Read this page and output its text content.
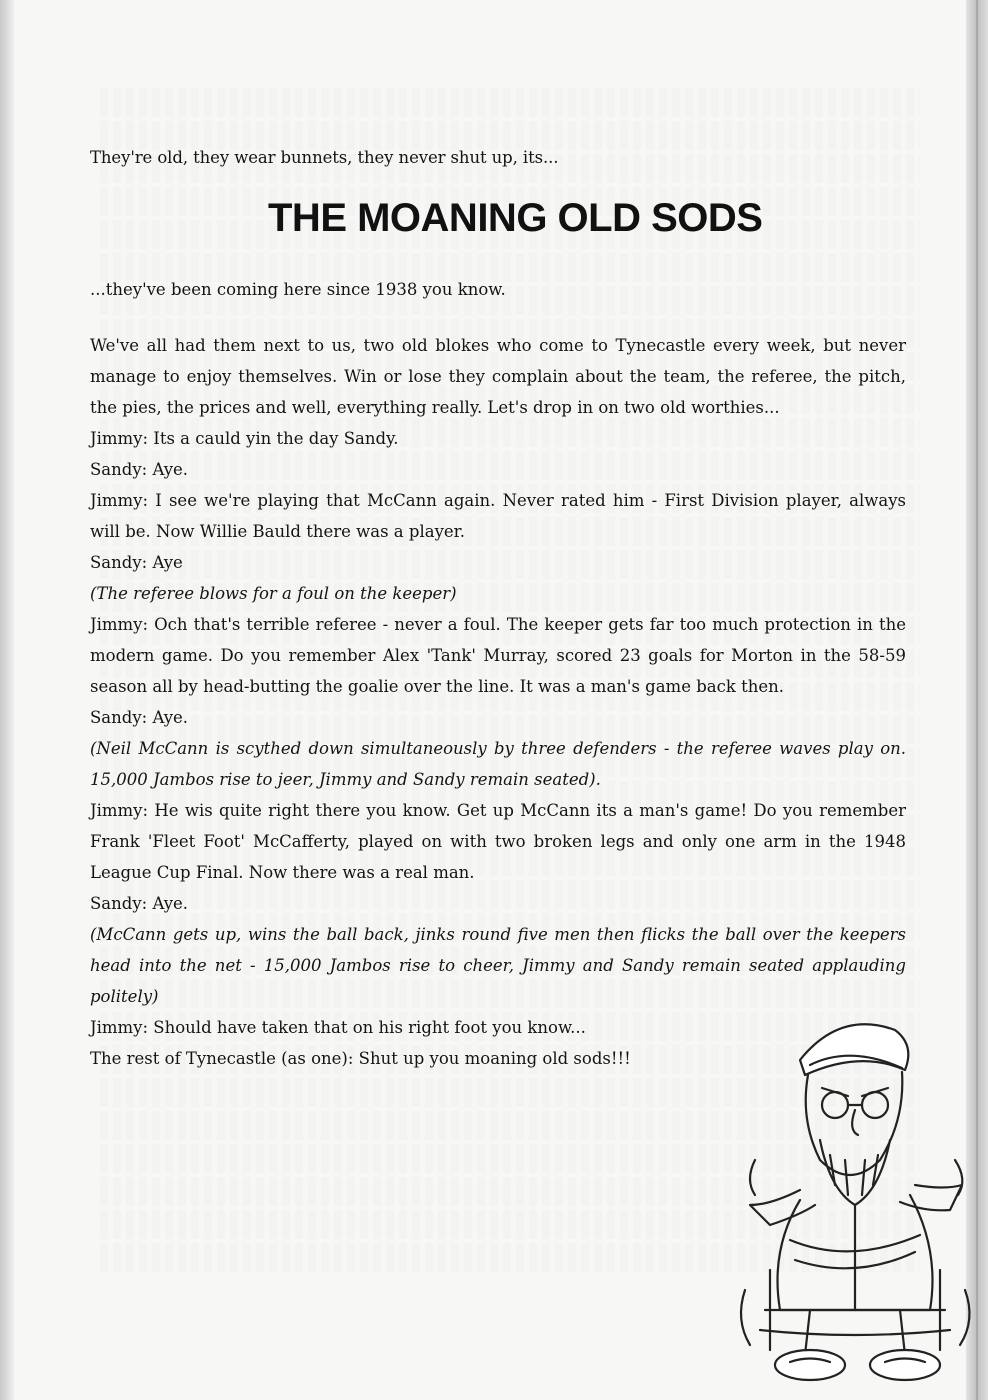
They're old, they wear bunnets, they never shut up, its...
THE MOANING OLD SODS
...they've been coming here since 1938 you know.

We've all had them next to us, two old blokes who come to Tynecastle every week, but never manage to enjoy themselves. Win or lose they complain about the team, the referee, the pitch, the pies, the prices and well, everything really. Let's drop in on two old worthies...

Jimmy: Its a cauld yin the day Sandy.

Sandy: Aye.

Jimmy: I see we're playing that McCann again. Never rated him - First Division player, always will be. Now Willie Bauld there was a player.

Sandy: Aye

(The referee blows for a foul on the keeper)

Jimmy: Och that's terrible referee - never a foul. The keeper gets far too much protection in the modern game. Do you remember Alex 'Tank' Murray, scored 23 goals for Morton in the 58-59 season all by head-butting the goalie over the line. It was a man's game back then.

Sandy: Aye.

(Neil McCann is scythed down simultaneously by three defenders - the referee waves play on. 15,000 Jambos rise to jeer, Jimmy and Sandy remain seated).

Jimmy: He wis quite right there you know. Get up McCann its a man's game! Do you remember Frank 'Fleet Foot' McCafferty, played on with two broken legs and only one arm in the 1948 League Cup Final. Now there was a real man.

Sandy: Aye.

(McCann gets up, wins the ball back, jinks round five men then flicks the ball over the keepers head into the net - 15,000 Jambos rise to cheer, Jimmy and Sandy remain seated applauding politely)

Jimmy: Should have taken that on his right foot you know...

The rest of Tynecastle (as one): Shut up you moaning old sods!!!
